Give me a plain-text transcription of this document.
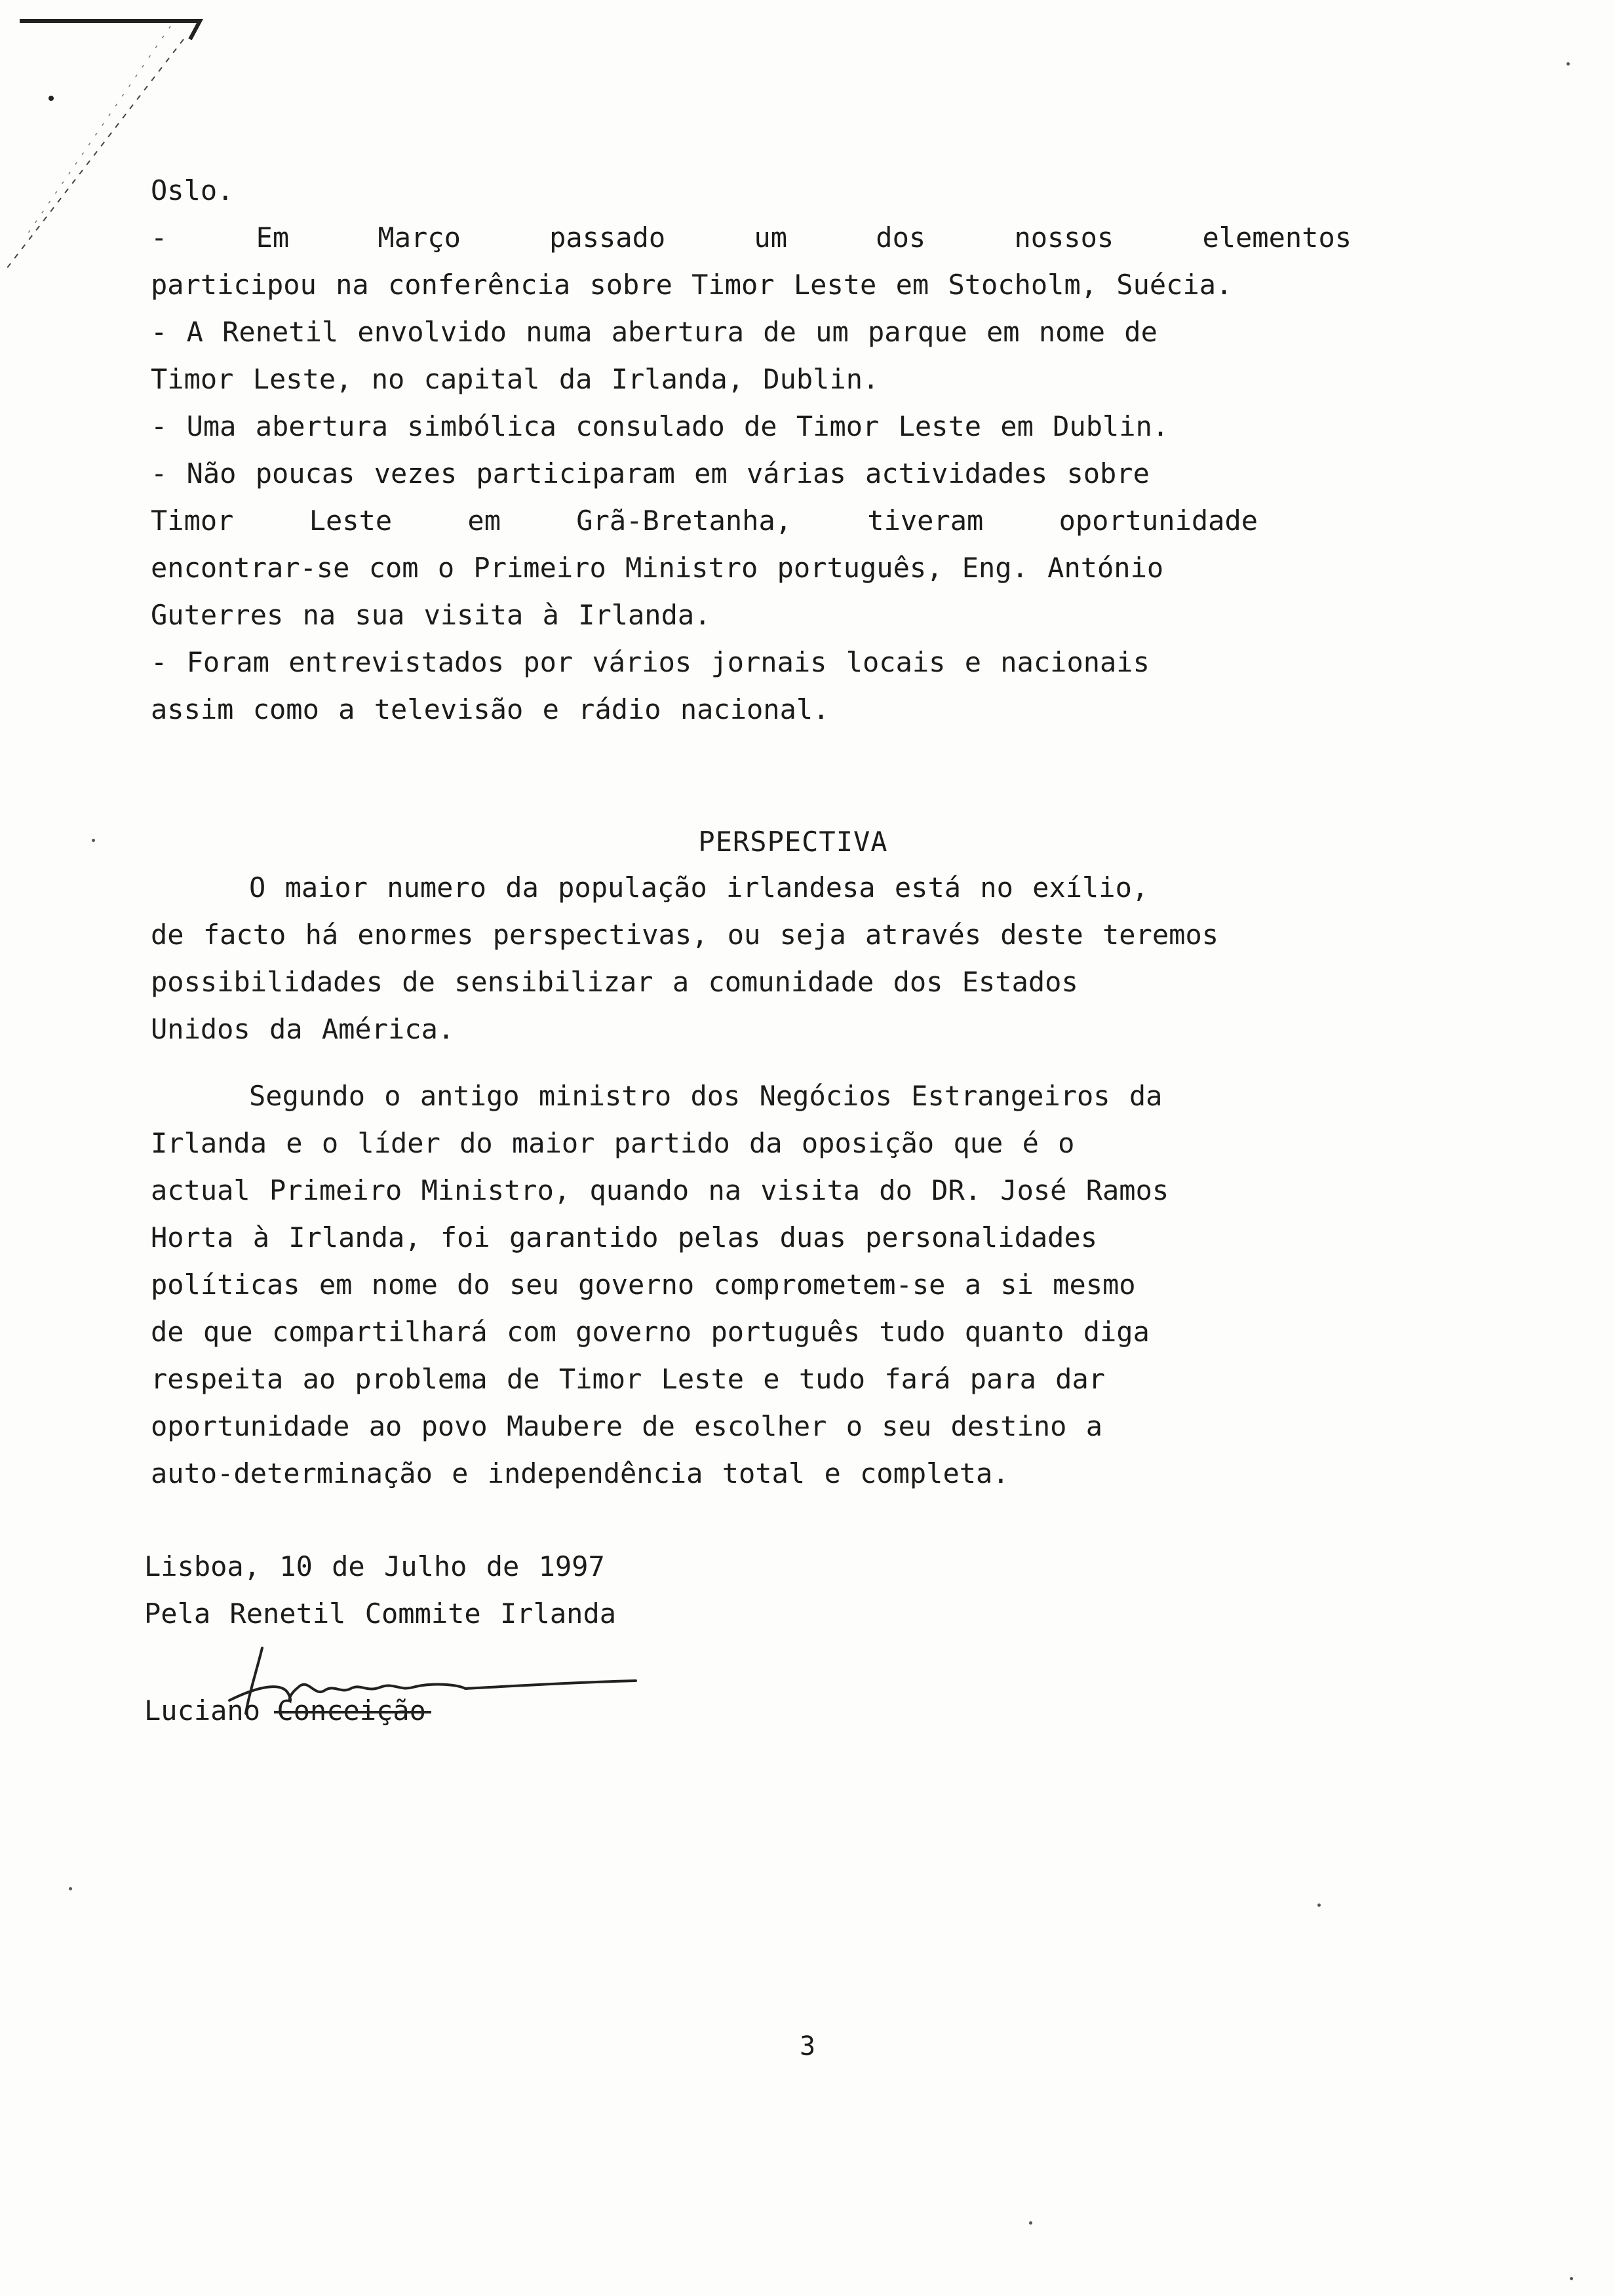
Oslo.
- Em Março passado um dos nossos elementos
participou na conferência sobre Timor Leste em Stocholm, Suécia.
- A Renetil envolvido numa abertura de um parque em nome de
Timor Leste, no capital da Irlanda, Dublin.
- Uma abertura simbólica consulado de Timor Leste em Dublin.
- Não poucas vezes participaram em várias actividades sobre
Timor Leste em Grã-Bretanha, tiveram oportunidade
encontrar-se com o Primeiro Ministro português, Eng. António
Guterres na sua visita à Irlanda.
- Foram entrevistados por vários jornais locais e nacionais
assim como a televisão e rádio nacional.
PERSPECTIVA
O maior numero da população irlandesa está no exílio,
de facto há enormes perspectivas, ou seja através deste teremos
possibilidades de sensibilizar a comunidade dos Estados
Unidos da América.
Segundo o antigo ministro dos Negócios Estrangeiros da
Irlanda e o líder do maior partido da oposição que é o
actual Primeiro Ministro, quando na visita do DR. José Ramos
Horta à Irlanda, foi garantido pelas duas personalidades
políticas em nome do seu governo comprometem-se a si mesmo
de que compartilhará com governo português tudo quanto diga
respeita ao problema de Timor Leste e tudo fará para dar
oportunidade ao povo Maubere de escolher o seu destino a
auto-determinação e independência total e completa.
Lisboa, 10 de Julho de 1997
Pela Renetil Commite Irlanda
Luciano Conceição
3
